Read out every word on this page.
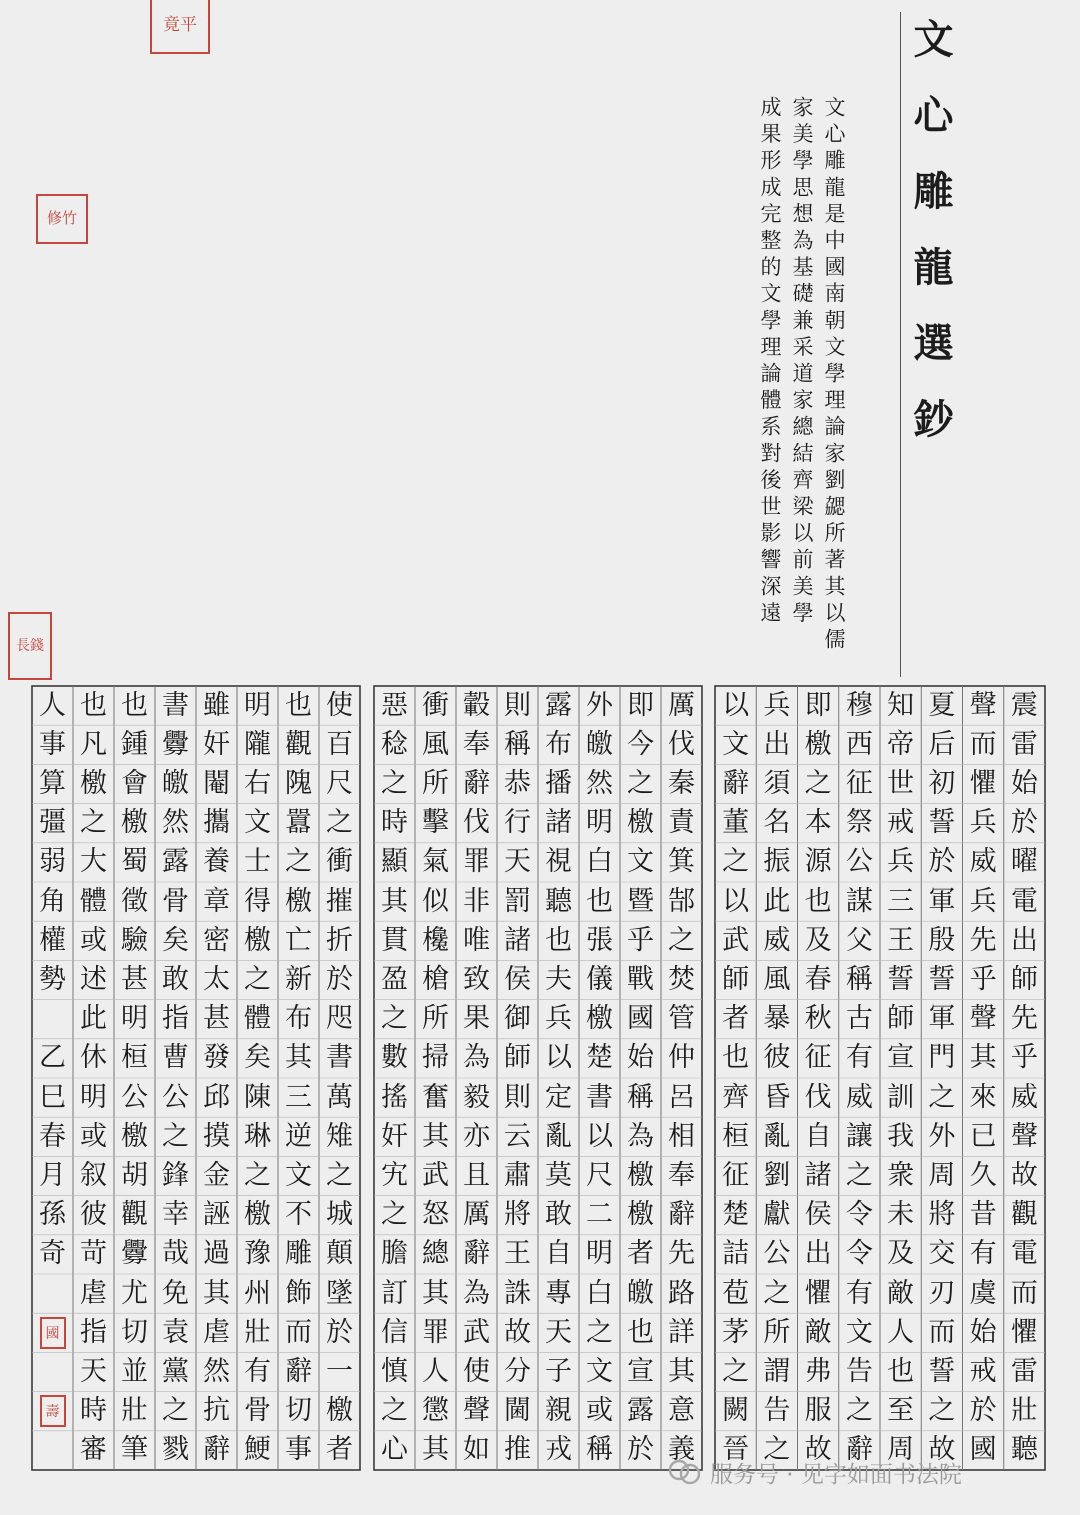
文心雕龍選鈔
文心雕龍是中國南朝文學理論家劉勰所著其以儒
家美學思想為基礎兼采道家總結齊梁以前美學
成果形成完整的文學理論體系對後世影響深遠
竟平
修竹
長錢
震
雷
始
於
曜
電
出
師
先
乎
威
聲
故
觀
電
而
懼
雷
壯
聽
聲
而
懼
兵
威
兵
先
乎
聲
其
來
已
久
昔
有
虞
始
戒
於
國
夏
后
初
誓
於
軍
殷
誓
軍
門
之
外
周
將
交
刃
而
誓
之
故
知
帝
世
戒
兵
三
王
誓
師
宣
訓
我
衆
未
及
敵
人
也
至
周
穆
西
征
祭
公
謀
父
稱
古
有
威
讓
之
令
令
有
文
告
之
辭
即
檄
之
本
源
也
及
春
秋
征
伐
自
諸
侯
出
懼
敵
弗
服
故
兵
出
須
名
振
此
威
風
暴
彼
昏
亂
劉
獻
公
之
所
謂
告
之
以
文
辭
董
之
以
武
師
者
也
齊
桓
征
楚
詰
苞
茅
之
闕
晉
厲
伐
秦
責
箕
郜
之
焚
管
仲
呂
相
奉
辭
先
路
詳
其
意
義
即
今
之
檄
文
暨
乎
戰
國
始
稱
為
檄
檄
者
皦
也
宣
露
於
外
皦
然
明
白
也
張
儀
檄
楚
書
以
尺
二
明
白
之
文
或
稱
露
布
播
諸
視
聽
也
夫
兵
以
定
亂
莫
敢
自
專
天
子
親
戎
則
稱
恭
行
天
罰
諸
侯
御
師
則
云
肅
將
王
誅
故
分
閫
推
轂
奉
辭
伐
罪
非
唯
致
果
為
毅
亦
且
厲
辭
為
武
使
聲
如
衝
風
所
擊
氣
似
欃
槍
所
掃
奮
其
武
怒
總
其
罪
人
懲
其
惡
稔
之
時
顯
其
貫
盈
之
數
搖
奸
宄
之
膽
訂
信
慎
之
心
使
百
尺
之
衝
摧
折
於
咫
書
萬
雉
之
城
顛
墜
於
一
檄
者
也
觀
隗
囂
之
檄
亡
新
布
其
三
逆
文
不
雕
飾
而
辭
切
事
明
隴
右
文
士
得
檄
之
體
矣
陳
琳
之
檄
豫
州
壯
有
骨
鯁
雖
奸
閹
攜
養
章
密
太
甚
發
邱
摸
金
誣
過
其
虐
然
抗
辭
書
釁
皦
然
露
骨
矣
敢
指
曹
公
之
鋒
幸
哉
免
袁
黨
之
戮
也
鍾
會
檄
蜀
徵
驗
甚
明
桓
公
檄
胡
觀
釁
尤
切
並
壯
筆
也
凡
檄
之
大
體
或
述
此
休
明
或
叙
彼
苛
虐
指
天
時
審
人
事
算
彊
弱
角
權
勢
乙
巳
春
月
孫
奇
國
壽
服务号 · 见字如面书法院
